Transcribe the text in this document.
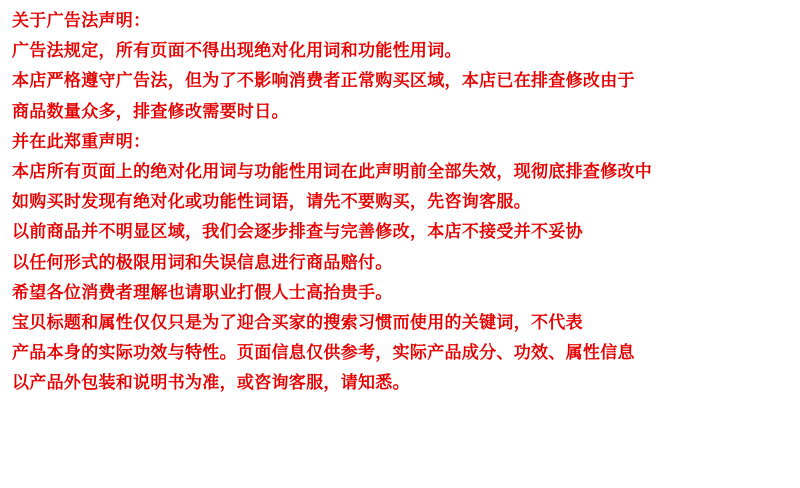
关于广告法声明：
广告法规定，所有页面不得出现绝对化用词和功能性用词。
本店严格遵守广告法，但为了不影响消费者正常购买区域，本店已在排查修改由于
商品数量众多，排查修改需要时日。
并在此郑重声明：
本店所有页面上的绝对化用词与功能性用词在此声明前全部失效，现彻底排查修改中
如购买时发现有绝对化或功能性词语，请先不要购买，先咨询客服。
以前商品并不明显区域，我们会逐步排查与完善修改，本店不接受并不妥协
以任何形式的极限用词和失误信息进行商品赔付。
希望各位消费者理解也请职业打假人士高抬贵手。
宝贝标题和属性仅仅只是为了迎合买家的搜索习惯而使用的关键词，不代表
产品本身的实际功效与特性。页面信息仅供参考，实际产品成分、功效、属性信息
以产品外包装和说明书为准，或咨询客服，请知悉。
